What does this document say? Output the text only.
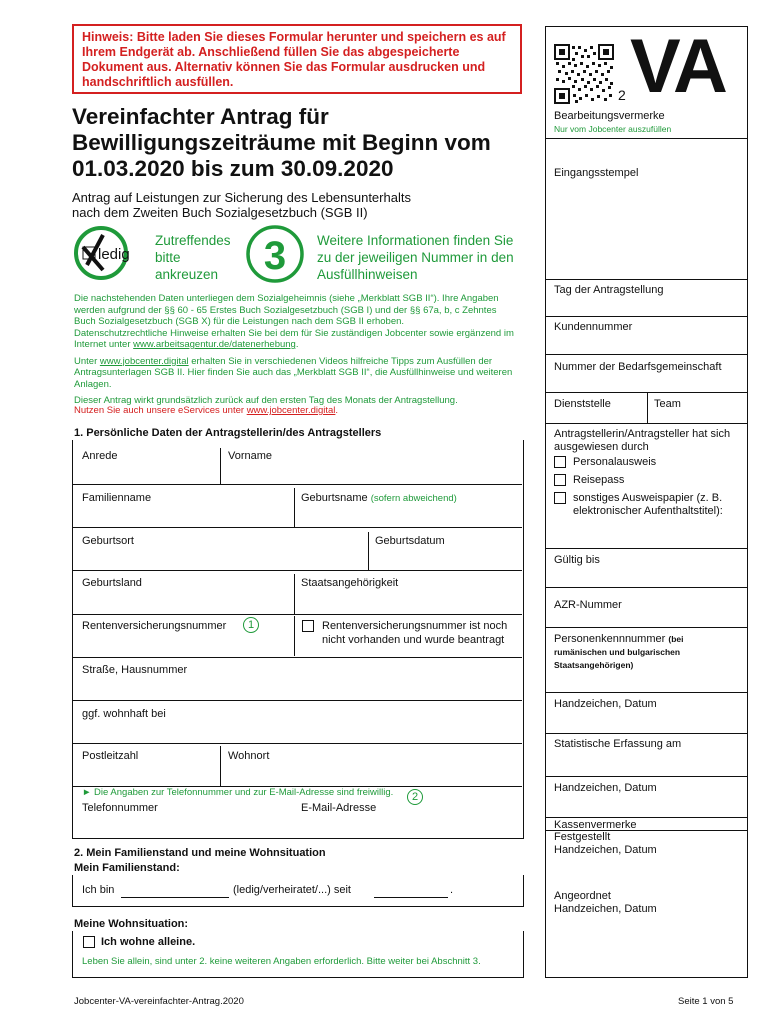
Hinweis: Bitte laden Sie dieses Formular herunter und speichern es auf Ihrem Endgerät ab. Anschließend füllen Sie das abgespeicherte Dokument aus. Alternativ können Sie das Formular ausdrucken und handschriftlich ausfüllen.
Vereinfachter Antrag für Bewilligungszeiträume mit Beginn vom 01.03.2020 bis zum 30.09.2020
Antrag auf Leistungen zur Sicherung des Lebensunterhalts
nach dem Zweiten Buch Sozialgesetzbuch (SGB II)
ledig
Zutreffendes bitte ankreuzen	3 Weitere Informationen finden Sie zu der jeweiligen Nummer in den Ausfüllhinweisen
Die nachstehenden Daten unterliegen dem Sozialgeheimnis (siehe „Merkblatt SGB II“). Ihre Angaben werden aufgrund der §§ 60 - 65 Erstes Buch Sozialgesetzbuch (SGB I) und der §§ 67a, b, c Zehntes Buch Sozialgesetzbuch (SGB X) für die Leistungen nach dem SGB II erhoben.
Datenschutzrechtliche Hinweise erhalten Sie bei dem für Sie zuständigen Jobcenter sowie ergänzend im Internet unter www.arbeitsagentur.de/datenerhebung.
Unter www.jobcenter.digital erhalten Sie in verschiedenen Videos hilfreiche Tipps zum Ausfüllen der Antragsunterlagen SGB II. Hier finden Sie auch das „Merkblatt SGB II“, die Ausfüllhinweise und weiteren Anlagen.
Dieser Antrag wirkt grundsätzlich zurück auf den ersten Tag des Monats der Antragstellung.
Nutzen Sie auch unsere eServices unter www.jobcenter.digital.
1. Persönliche Daten der Antragstellerin/des Antragstellers
Anrede	Vorname
Familienname	Geburtsname (sofern abweichend)
Geburtsort	Geburtsdatum
Geburtsland	Staatsangehörigkeit
Rentenversicherungsnummer	1	Rentenversicherungsnummer ist noch nicht vorhanden und wurde beantragt
Straße, Hausnummer
ggf. wohnhaft bei
Postleitzahl	Wohnort
► Die Angaben zur Telefonnummer und zur E-Mail-Adresse sind freiwillig.	2
Telefonnummer	E-Mail-Adresse
2. Mein Familienstand und meine Wohnsituation
Mein Familienstand:
Ich bin	(ledig/verheiratet/...) seit	.
Meine Wohnsituation:
Ich wohne alleine.
Leben Sie allein, sind unter 2. keine weiteren Angaben erforderlich. Bitte weiter bei Abschnitt 3.
2 VA
Bearbeitungsvermerke
Nur vom Jobcenter auszufüllen
Eingangsstempel
Tag der Antragstellung
Kundennummer
Nummer der Bedarfsgemeinschaft
Dienststelle	Team
Antragstellerin/Antragsteller hat sich ausgewiesen durch
Personalausweis
Reisepass
sonstiges Ausweispapier (z. B. elektronischer Aufenthaltstitel):
Gültig bis
AZR-Nummer
Personenkennnummer (bei rumänischen und bulgarischen Staatsangehörigen)
Handzeichen, Datum
Statistische Erfassung am
Handzeichen, Datum
Kassenvermerke
Festgestellt
Handzeichen, Datum
Angeordnet
Handzeichen, Datum
Jobcenter-VA-vereinfachter-Antrag.2020	Seite 1 von 5
